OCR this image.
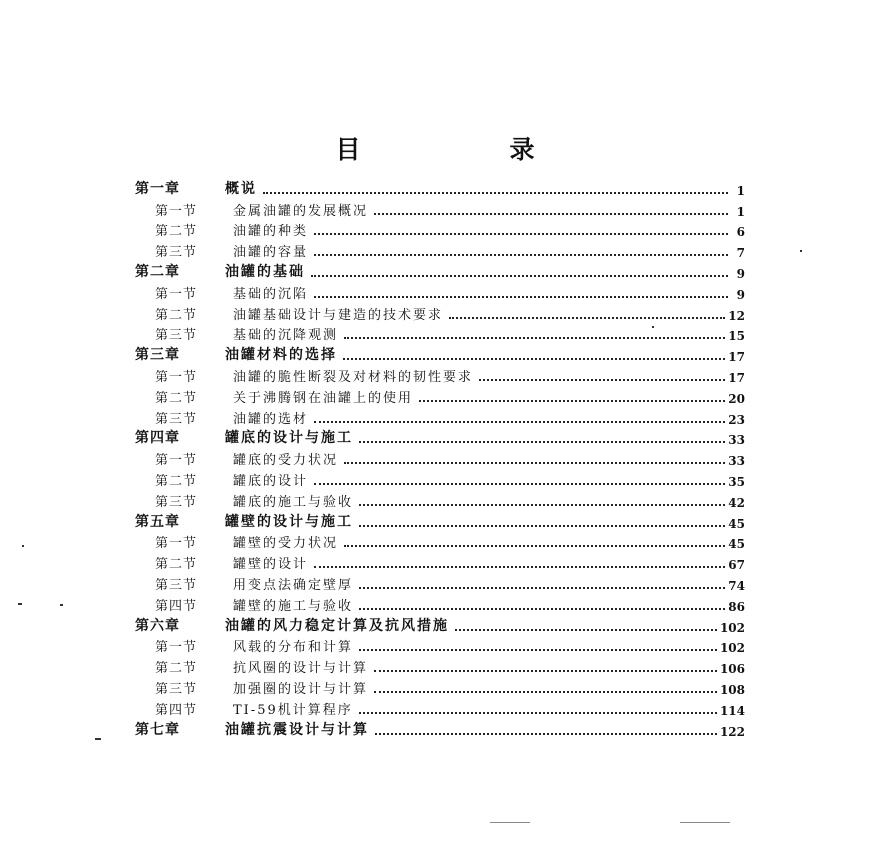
目　录
第一章	概说	1
第一节	金属油罐的发展概况	1
第二节	油罐的种类	6
第三节	油罐的容量	7
第二章	油罐的基础	9
第一节	基础的沉陷	9
第二节	油罐基础设计与建造的技术要求	12
第三节	基础的沉降观测	15
第三章	油罐材料的选择	17
第一节	油罐的脆性断裂及对材料的韧性要求	17
第二节	关于沸腾钢在油罐上的使用	20
第三节	油罐的选材	23
第四章	罐底的设计与施工	33
第一节	罐底的受力状况	33
第二节	罐底的设计	35
第三节	罐底的施工与验收	42
第五章	罐壁的设计与施工	45
第一节	罐壁的受力状况	45
第二节	罐壁的设计	67
第三节	用变点法确定壁厚	74
第四节	罐壁的施工与验收	86
第六章	油罐的风力稳定计算及抗风措施	102
第一节	风载的分布和计算	102
第二节	抗风圈的设计与计算	106
第三节	加强圈的设计与计算	108
第四节	TI-59机计算程序	114
第七章	油罐抗震设计与计算	122
